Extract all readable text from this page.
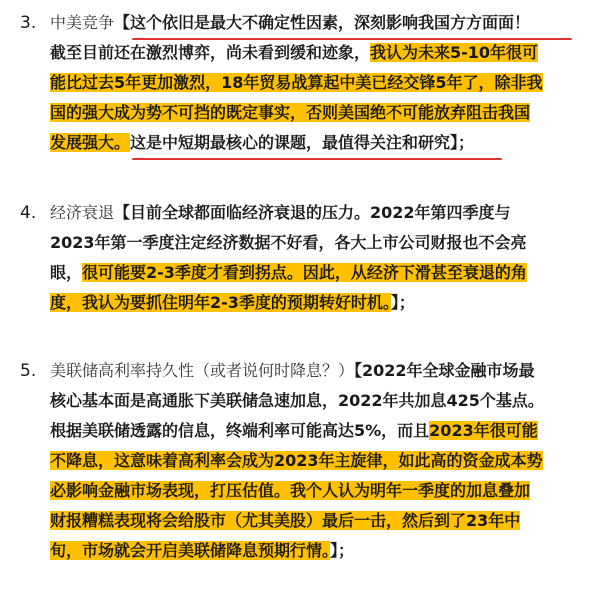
3. 中美竞争【这个依旧是最大不确定性因素，深刻影响我国方方面面！
截至目前还在激烈博弈，尚未看到缓和迹象，我认为未来5-10年很可
能比过去5年更加激烈，18年贸易战算起中美已经交锋5年了，除非我
国的强大成为势不可挡的既定事实，否则美国绝不可能放弃阻击我国
发展强大。这是中短期最核心的课题，最值得关注和研究】；
4. 经济衰退【目前全球都面临经济衰退的压力。2022年第四季度与
2023年第一季度注定经济数据不好看，各大上市公司财报也不会亮
眼，很可能要2-3季度才看到拐点。因此，从经济下滑甚至衰退的角
度，我认为要抓住明年2-3季度的预期转好时机。】；
5. 美联储高利率持久性（或者说何时降息？）【2022年全球金融市场最
核心基本面是高通胀下美联储急速加息，2022年共加息425个基点。
根据美联储透露的信息，终端利率可能高达5%，而且2023年很可能
不降息，这意味着高利率会成为2023年主旋律，如此高的资金成本势
必影响金融市场表现，打压估值。我个人认为明年一季度的加息叠加
财报糟糕表现将会给股市（尤其美股）最后一击，然后到了23年中
旬，市场就会开启美联储降息预期行情。】；
